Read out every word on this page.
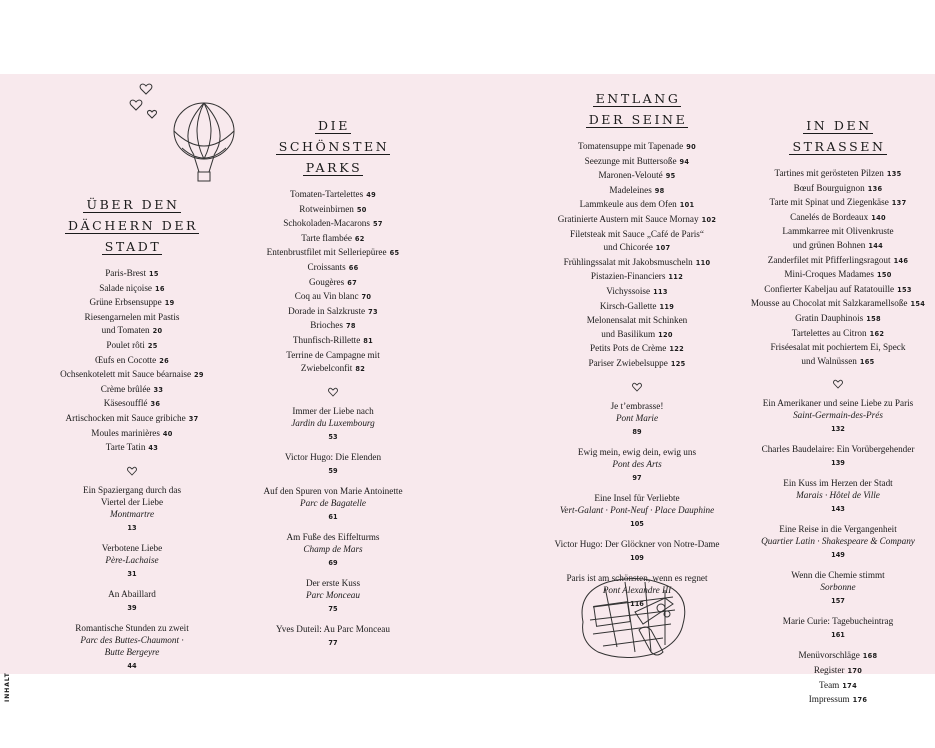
ÜBER DEN
DÄCHERN DER
STADT
Paris-Brest 15
Salade niçoise 16
Grüne Erbsensuppe 19
Riesengarnelen mit Pastis
und Tomaten 20
Poulet rôti 25
Œufs en Cocotte 26
Ochsenkotelett mit Sauce béarnaise 29
Crème brûlée 33
Käsesoufflé 36
Artischocken mit Sauce gribiche 37
Moules marinières 40
Tarte Tatin 43
Ein Spaziergang durch das
Viertel der Liebe
Montmartre
13
Verbotene Liebe
Père-Lachaise
31
An Abaillard
39
Romantische Stunden zu zweit
Parc des Buttes-Chaumont ·
Butte Bergeyre
44
DIE
SCHÖNSTEN
PARKS
Tomaten-Tartelettes 49
Rotweinbirnen 50
Schokoladen-Macarons 57
Tarte flambée 62
Entenbrustfilet mit Selleriepüree 65
Croissants 66
Gougères 67
Coq au Vin blanc 70
Dorade in Salzkruste 73
Brioches 78
Thunfisch-Rillette 81
Terrine de Campagne mit
Zwiebelconfit 82
Immer der Liebe nach
Jardin du Luxembourg
53
Victor Hugo: Die Elenden
59
Auf den Spuren von Marie Antoinette
Parc de Bagatelle
61
Am Fuße des Eiffelturms
Champ de Mars
69
Der erste Kuss
Parc Monceau
75
Yves Duteil: Au Parc Monceau
77
ENTLANG
DER SEINE
Tomatensuppe mit Tapenade 90
Seezunge mit Buttersoße 94
Maronen-Velouté 95
Madeleines 98
Lammkeule aus dem Ofen 101
Gratinierte Austern mit Sauce Mornay 102
Filetsteak mit Sauce „Café de Paris“
und Chicorée 107
Frühlingssalat mit Jakobsmuscheln 110
Pistazien-Financiers 112
Vichyssoise 113
Kirsch-Gallette 119
Melonensalat mit Schinken
und Basilikum 120
Petits Pots de Crème 122
Pariser Zwiebelsuppe 125
Je t’embrasse!
Pont Marie
89
Ewig mein, ewig dein, ewig uns
Pont des Arts
97
Eine Insel für Verliebte
Vert-Galant · Pont-Neuf · Place Dauphine
105
Victor Hugo: Der Glöckner von Notre-Dame
109
Paris ist am schönsten, wenn es regnet
Pont Alexandre III
116
IN DEN
STRASSEN
Tartines mit gerösteten Pilzen 135
Bœuf Bourguignon 136
Tarte mit Spinat und Ziegenkäse 137
Canelés de Bordeaux 140
Lammkarree mit Olivenkruste
und grünen Bohnen 144
Zanderfilet mit Pfifferlingsragout 146
Mini-Croques Madames 150
Confierter Kabeljau auf Ratatouille 153
Mousse au Chocolat mit Salzkaramellsoße 154
Gratin Dauphinois 158
Tartelettes au Citron 162
Friséesalat mit pochiertem Ei, Speck
und Walnüssen 165
Ein Amerikaner und seine Liebe zu Paris
Saint-Germain-des-Prés
132
Charles Baudelaire: Ein Vorübergehender
139
Ein Kuss im Herzen der Stadt
Marais · Hôtel de Ville
143
Eine Reise in die Vergangenheit
Quartier Latin · Shakespeare & Company
149
Wenn die Chemie stimmt
Sorbonne
157
Marie Curie: Tagebucheintrag
161
Menüvorschläge 168
Register 170
Team 174
Impressum 176
INHALT
